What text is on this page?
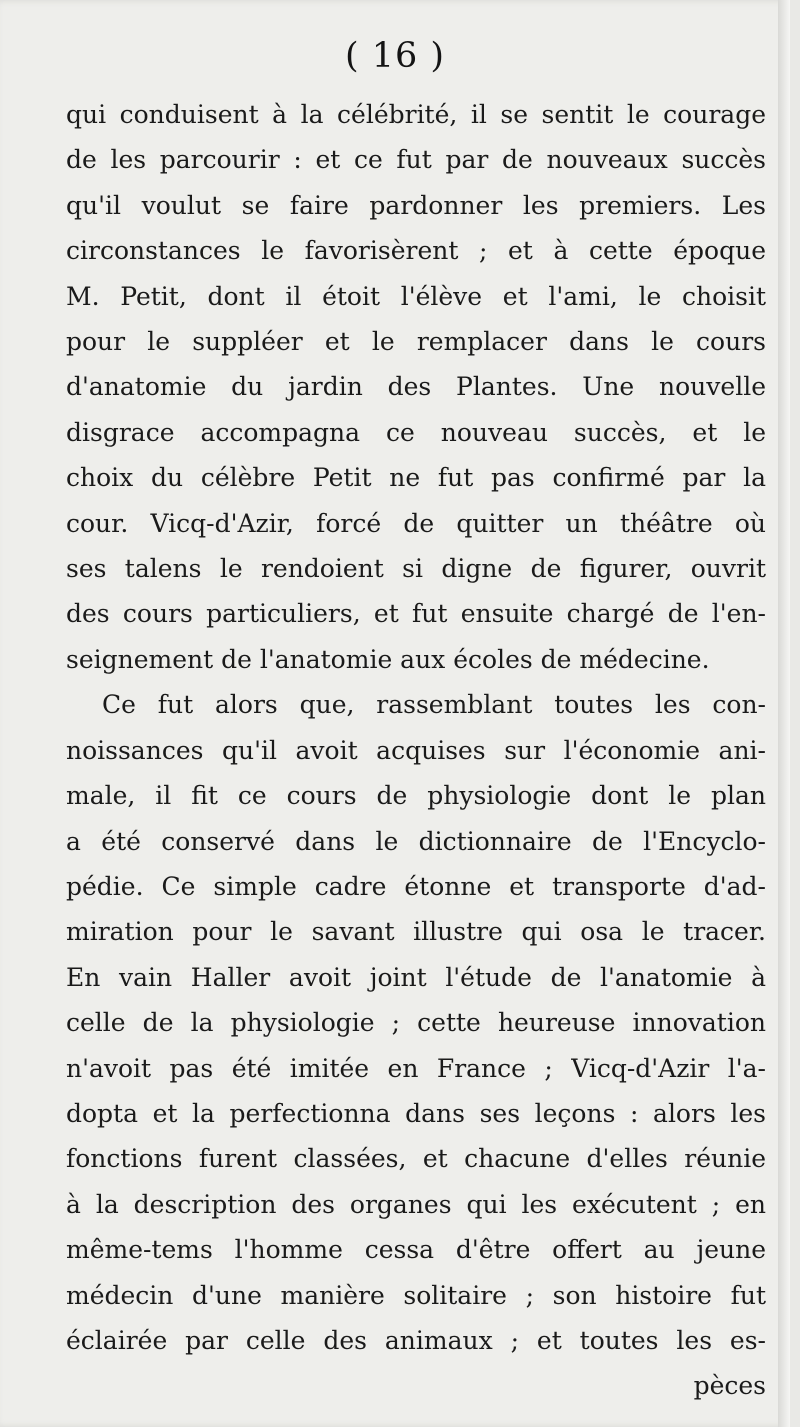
( 16 )
qui conduisent à la célébrité, il se sentit le courage
de les parcourir : et ce fut par de nouveaux succès
qu'il voulut se faire pardonner les premiers. Les
circonstances le favorisèrent ; et à cette époque
M. Petit, dont il étoit l'élève et l'ami, le choisit
pour le suppléer et le remplacer dans le cours
d'anatomie du jardin des Plantes. Une nouvelle
disgrace accompagna ce nouveau succès, et le
choix du célèbre Petit ne fut pas confirmé par la
cour. Vicq-d'Azir, forcé de quitter un théâtre où
ses talens le rendoient si digne de figurer, ouvrit
des cours particuliers, et fut ensuite chargé de l'en-
seignement de l'anatomie aux écoles de médecine.
Ce fut alors que, rassemblant toutes les con-
noissances qu'il avoit acquises sur l'économie ani-
male, il fit ce cours de physiologie dont le plan
a été conservé dans le dictionnaire de l'Encyclo-
pédie. Ce simple cadre étonne et transporte d'ad-
miration pour le savant illustre qui osa le tracer.
En vain Haller avoit joint l'étude de l'anatomie à
celle de la physiologie ; cette heureuse innovation
n'avoit pas été imitée en France ; Vicq-d'Azir l'a-
dopta et la perfectionna dans ses leçons : alors les
fonctions furent classées, et chacune d'elles réunie
à la description des organes qui les exécutent ; en
même-tems l'homme cessa d'être offert au jeune
médecin d'une manière solitaire ; son histoire fut
éclairée par celle des animaux ; et toutes les es-
pèces
